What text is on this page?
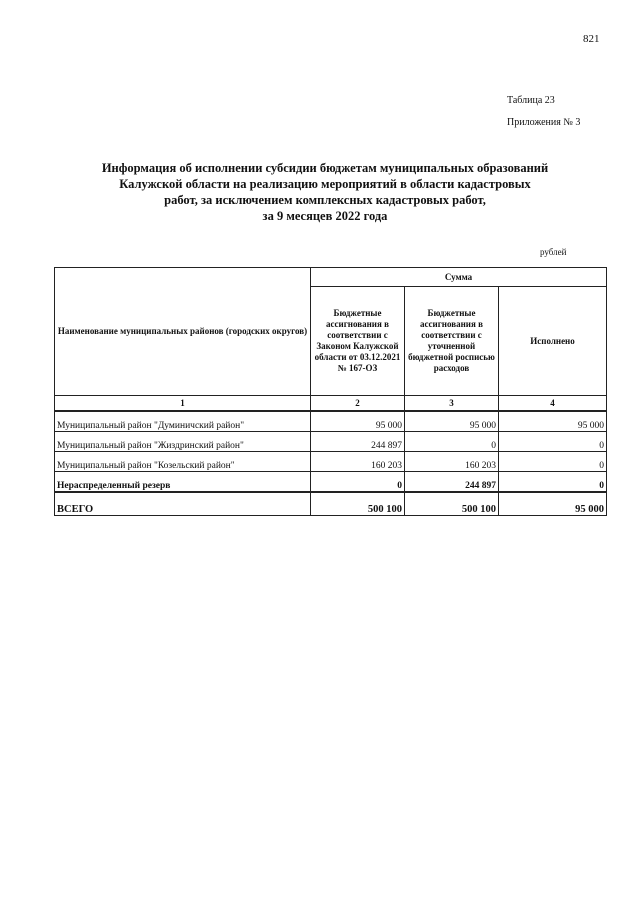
821
Таблица 23
Приложения № 3
Информация об исполнении субсидии бюджетам муниципальных образований
Калужской области на реализацию мероприятий в области кадастровых
работ, за исключением комплексных кадастровых работ,
за 9 месяцев 2022 года
рублей
Наименование муниципальных районов (городских округов)	Сумма		
	Бюджетные ассигнования в соответствии с Законом Калужской области от 03.12.2021 № 167-ОЗ	Бюджетные ассигнования в соответствии с уточненной бюджетной росписью расходов	Исполнено
1	2	3	4
Муниципальный район "Думиничский район"	95 000	95 000	95 000
Муниципальный район "Жиздринский район"	244 897	0	0
Муниципальный район "Козельский район"	160 203	160 203	0
Нераспределенный резерв	0	244 897	0
ВСЕГО	500 100	500 100	95 000
